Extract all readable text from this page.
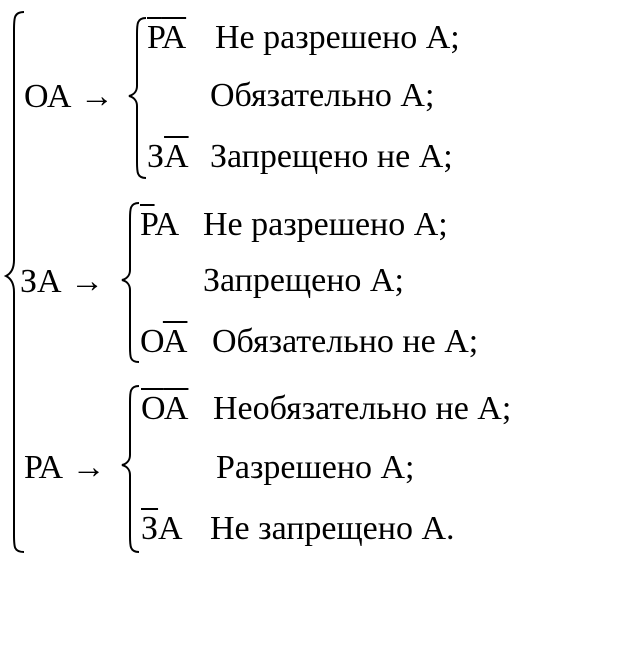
ОА →
РА Не разрешено А;
Обязательно А;
ЗА Запрещено не А;
ЗА →
РА Не разрешено А;
Запрещено А;
ОА Обязательно не А;
РА →
ОА Необязательно не А;
Разрешено А;
ЗА Не запрещено А.
